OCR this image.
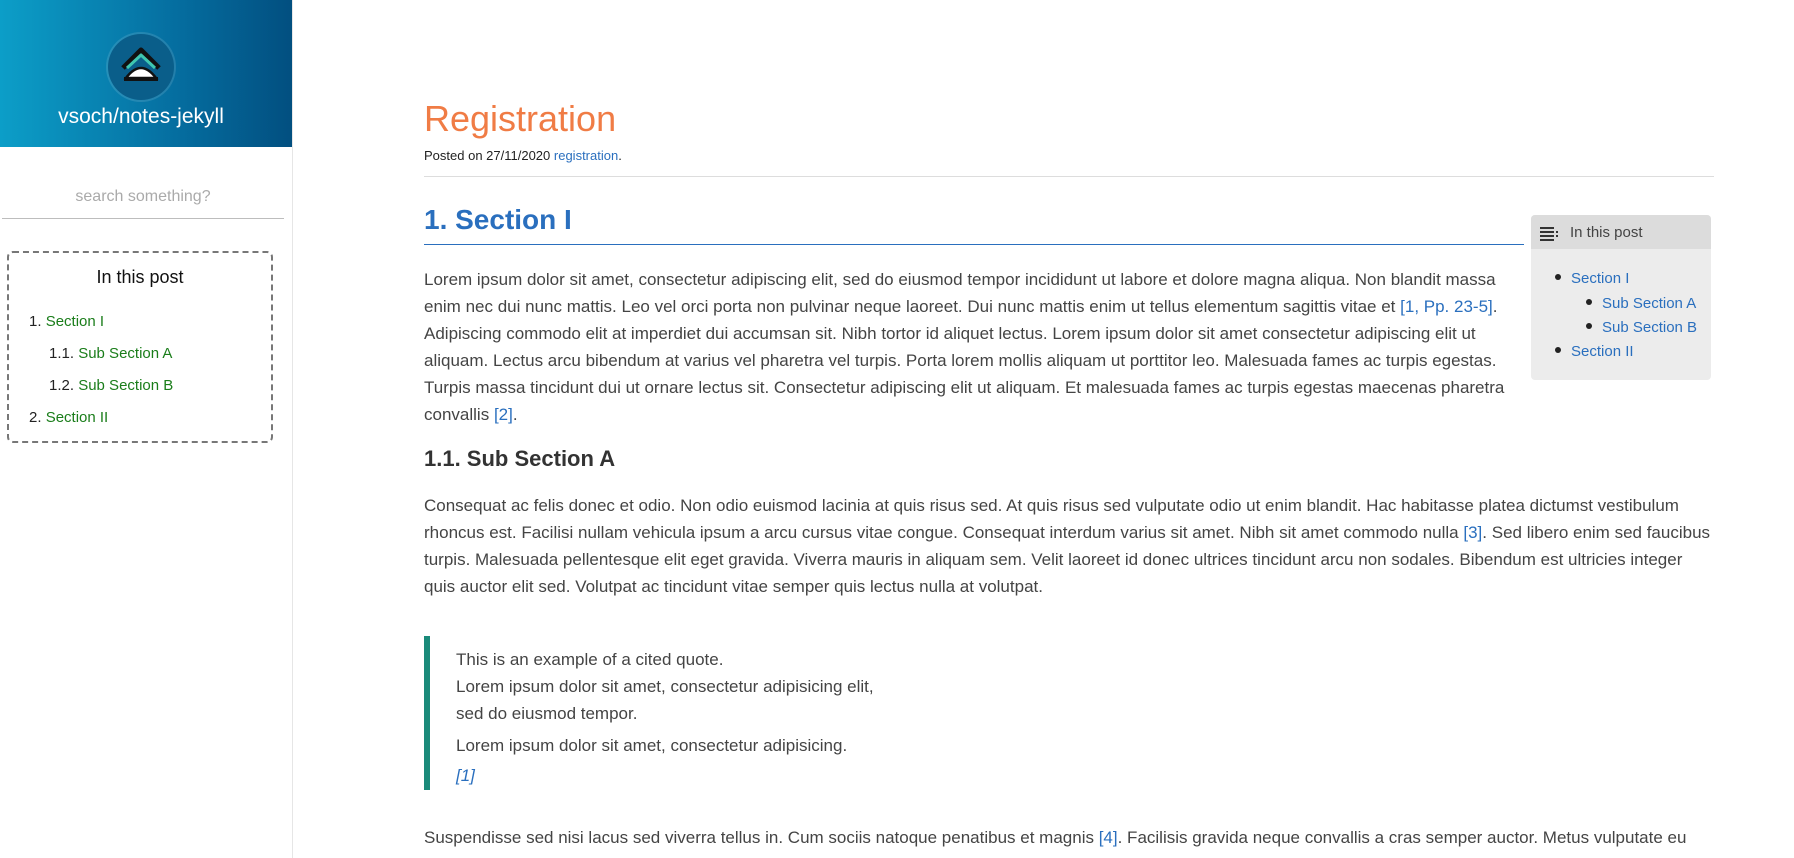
vsoch/notes-jekyll
search something?
In this post
1. Section I
1.1. Sub Section A
1.2. Sub Section B
2. Section II
Registration
Posted on 27/11/2020 registration.
1. Section I

Lorem ipsum dolor sit amet, consectetur adipiscing elit, sed do eiusmod tempor incididunt ut labore et dolore magna aliqua. Non blandit massa
enim nec dui nunc mattis. Leo vel orci porta non pulvinar neque laoreet. Dui nunc mattis enim ut tellus elementum sagittis vitae et [1, Pp. 23-5].
Adipiscing commodo elit at imperdiet dui accumsan sit. Nibh tortor id aliquet lectus. Lorem ipsum dolor sit amet consectetur adipiscing elit ut
aliquam. Lectus arcu bibendum at varius vel pharetra vel turpis. Porta lorem mollis aliquam ut porttitor leo. Malesuada fames ac turpis egestas.
Turpis massa tincidunt dui ut ornare lectus sit. Consectetur adipiscing elit ut aliquam. Et malesuada fames ac turpis egestas maecenas pharetra
convallis [2].

1.1. Sub Section A

Consequat ac felis donec et odio. Non odio euismod lacinia at quis risus sed. At quis risus sed vulputate odio ut enim blandit. Hac habitasse platea dictumst vestibulum
rhoncus est. Facilisi nullam vehicula ipsum a arcu cursus vitae congue. Consequat interdum varius sit amet. Nibh sit amet commodo nulla [3]. Sed libero enim sed faucibus
turpis. Malesuada pellentesque elit eget gravida. Viverra mauris in aliquam sem. Velit laoreet id donec ultrices tincidunt arcu non sodales. Bibendum est ultricies integer
quis auctor elit sed. Volutpat ac tincidunt vitae semper quis lectus nulla at volutpat.

This is an example of a cited quote.
Lorem ipsum dolor sit amet, consectetur adipisicing elit,
sed do eiusmod tempor.
Lorem ipsum dolor sit amet, consectetur adipisicing.
[1]

Suspendisse sed nisi lacus sed viverra tellus in. Cum sociis natoque penatibus et magnis [4]. Facilisis gravida neque convallis a cras semper auctor. Metus vulputate eu

In this post
Section I
Sub Section A
Sub Section B
Section II
